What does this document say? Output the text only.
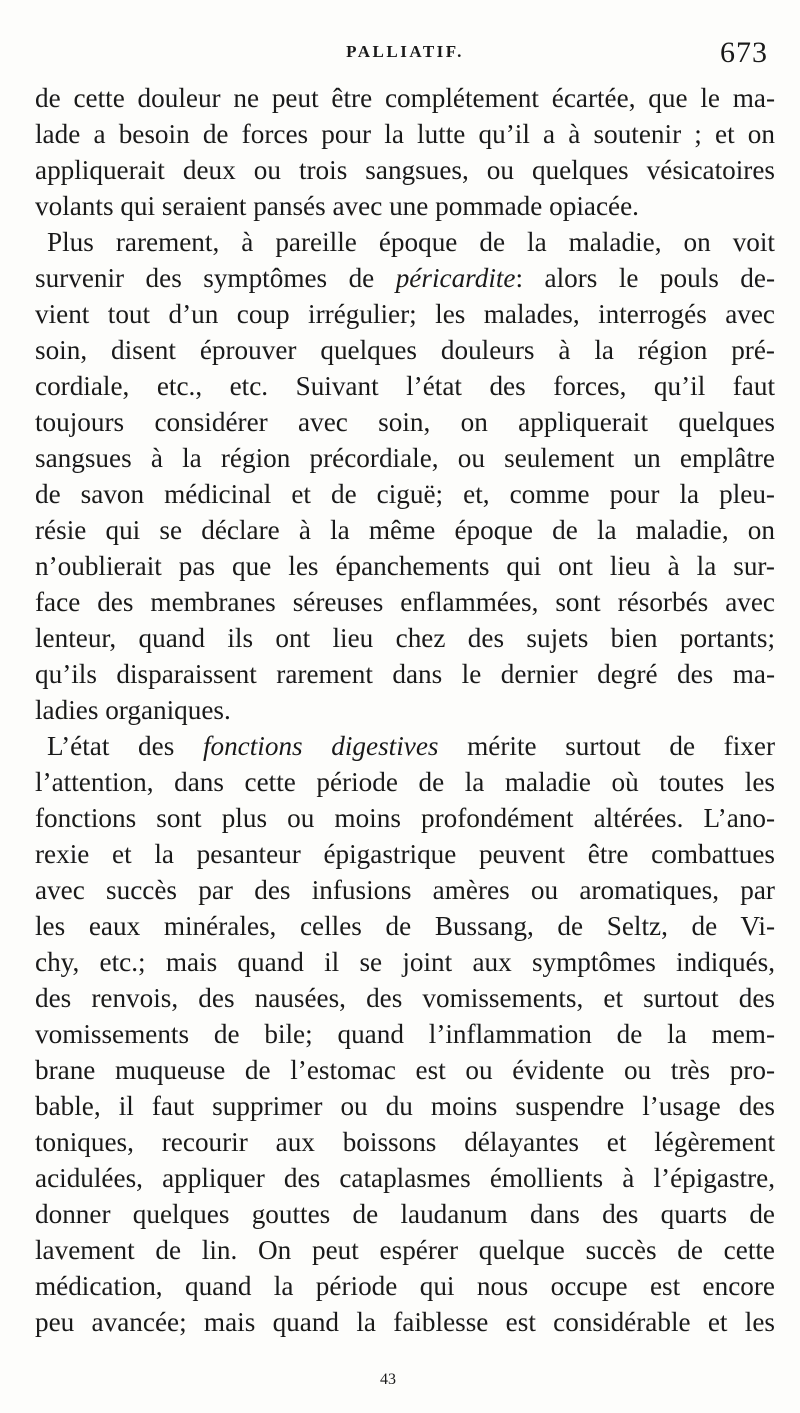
PALLIATIF.	673
de cette douleur ne peut être complétement écartée, que le ma-
lade a besoin de forces pour la lutte qu’il a à soutenir ; et on
appliquerait deux ou trois sangsues, ou quelques vésicatoires
volants qui seraient pansés avec une pommade opiacée.
Plus rarement, à pareille époque de la maladie, on voit
survenir des symptômes de péricardite: alors le pouls de-
vient tout d’un coup irrégulier; les malades, interrogés avec
soin, disent éprouver quelques douleurs à la région pré-
cordiale, etc., etc. Suivant l’état des forces, qu’il faut
toujours considérer avec soin, on appliquerait quelques
sangsues à la région précordiale, ou seulement un emplâtre
de savon médicinal et de ciguë; et, comme pour la pleu-
résie qui se déclare à la même époque de la maladie, on
n’oublierait pas que les épanchements qui ont lieu à la sur-
face des membranes séreuses enflammées, sont résorbés avec
lenteur, quand ils ont lieu chez des sujets bien portants;
qu’ils disparaissent rarement dans le dernier degré des ma-
ladies organiques.
L’état des fonctions digestives mérite surtout de fixer
l’attention, dans cette période de la maladie où toutes les
fonctions sont plus ou moins profondément altérées. L’ano-
rexie et la pesanteur épigastrique peuvent être combattues
avec succès par des infusions amères ou aromatiques, par
les eaux minérales, celles de Bussang, de Seltz, de Vi-
chy, etc.; mais quand il se joint aux symptômes indiqués,
des renvois, des nausées, des vomissements, et surtout des
vomissements de bile; quand l’inflammation de la mem-
brane muqueuse de l’estomac est ou évidente ou très pro-
bable, il faut supprimer ou du moins suspendre l’usage des
toniques, recourir aux boissons délayantes et légèrement
acidulées, appliquer des cataplasmes émollients à l’épigastre,
donner quelques gouttes de laudanum dans des quarts de
lavement de lin. On peut espérer quelque succès de cette
médication, quand la période qui nous occupe est encore
peu avancée; mais quand la faiblesse est considérable et les
43
